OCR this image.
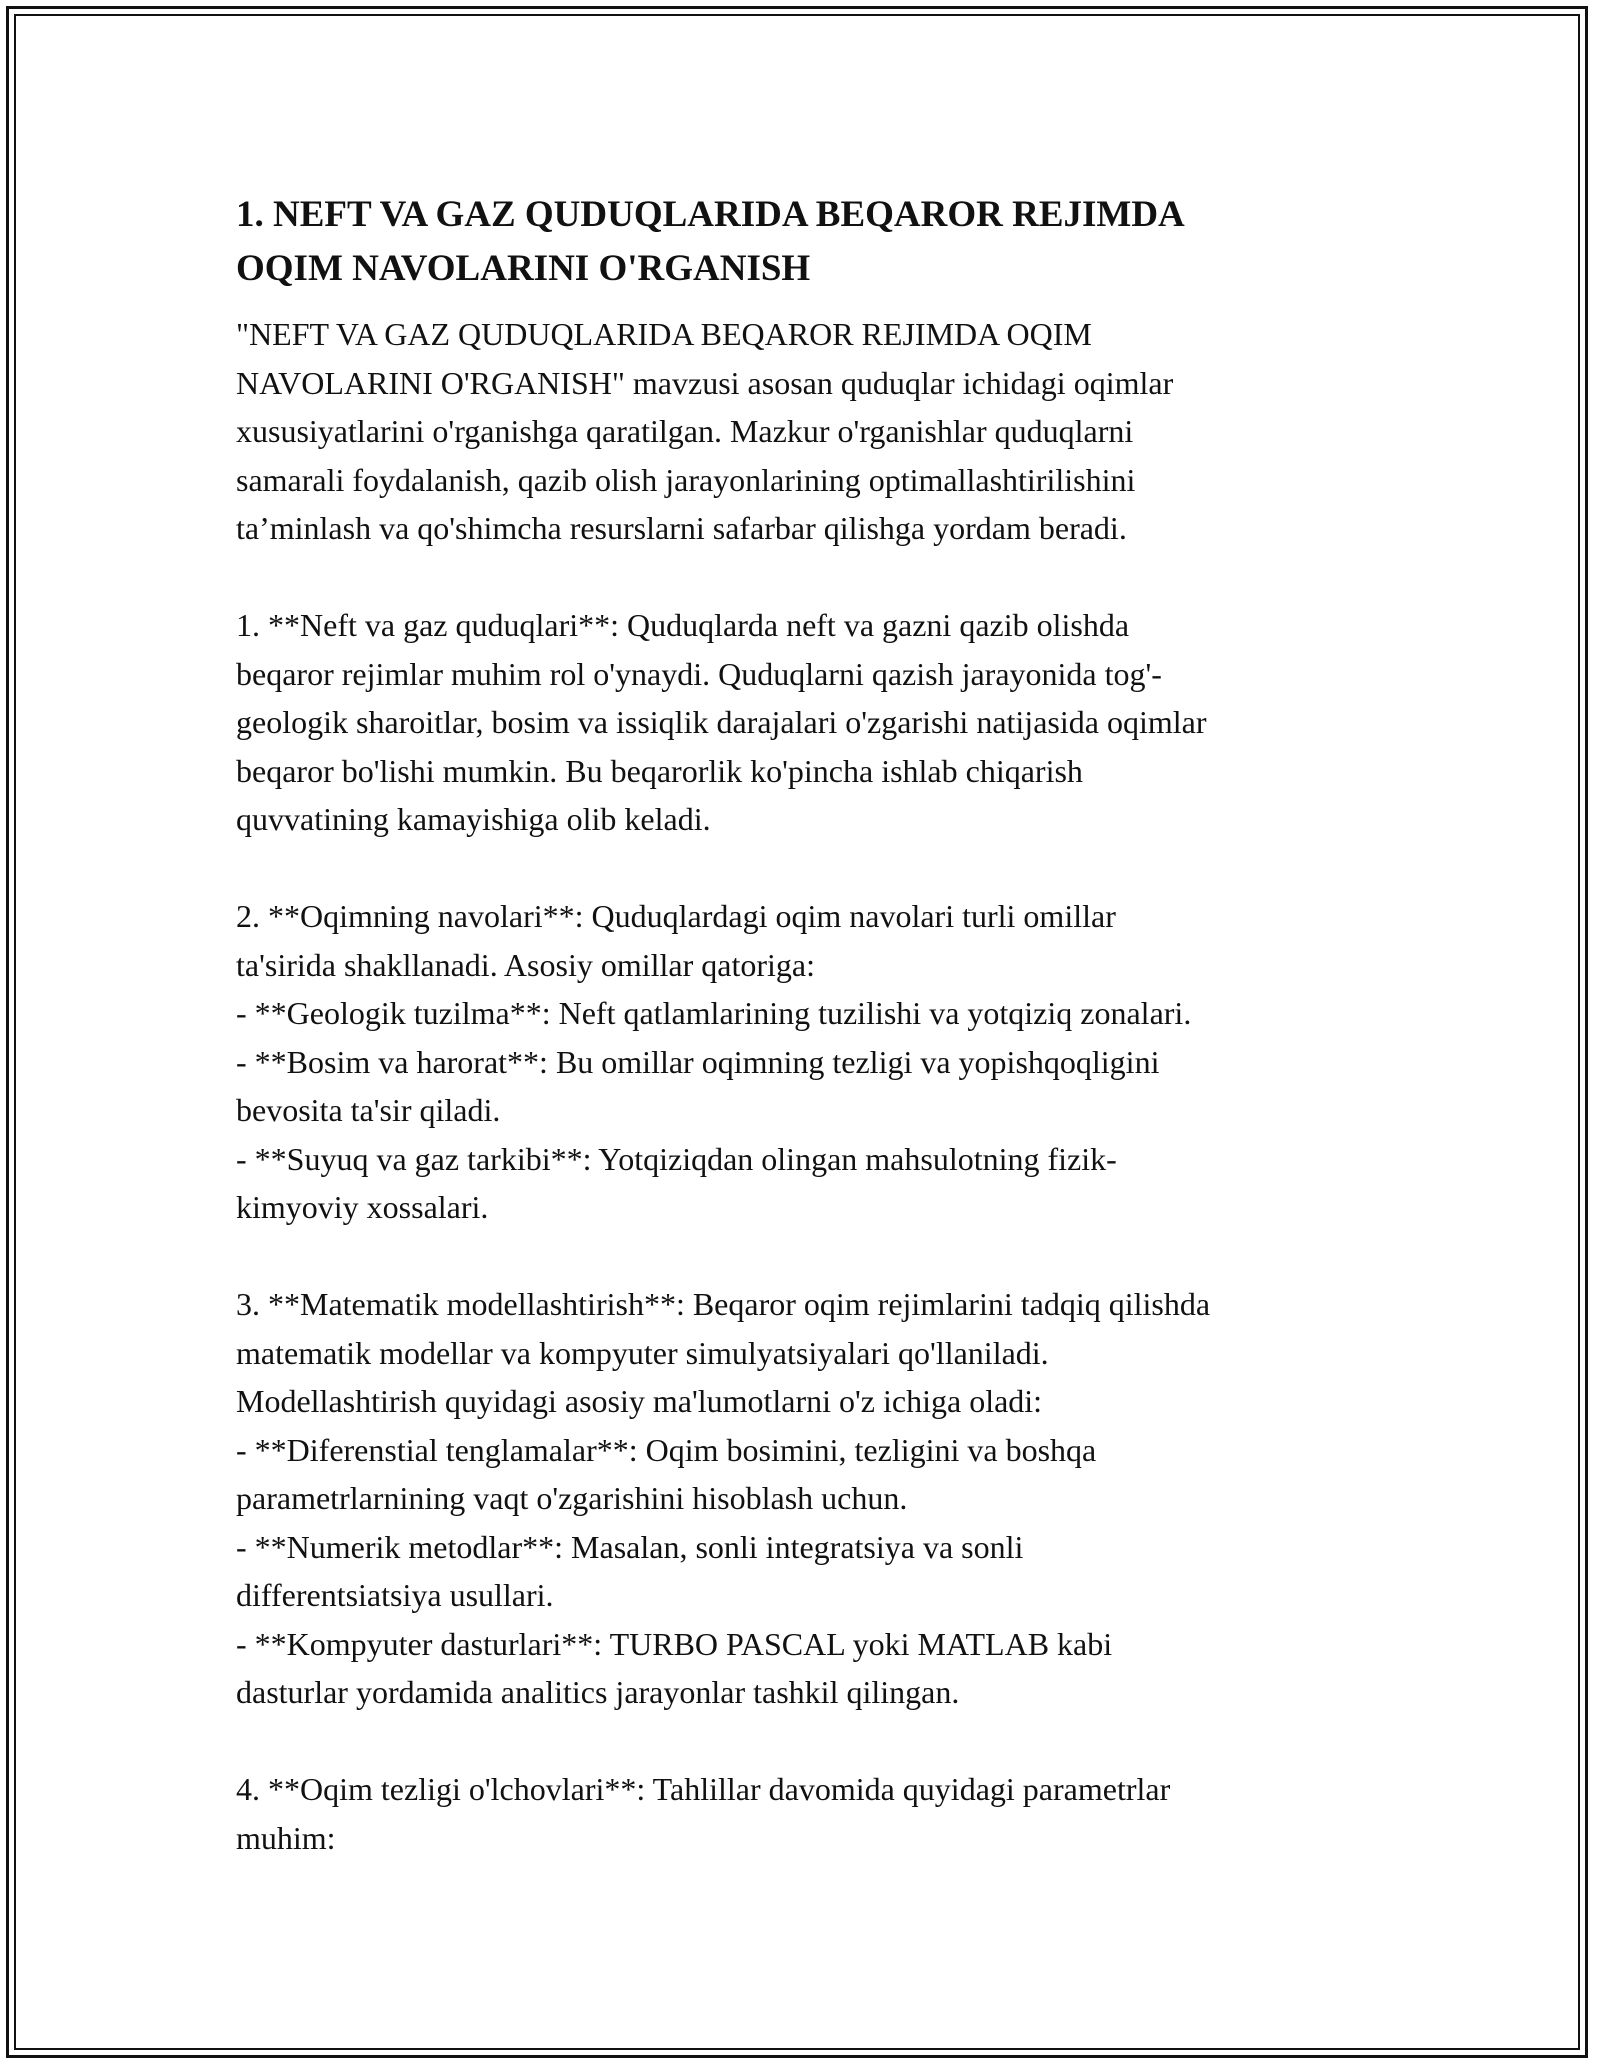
1. NEFT VA GAZ QUDUQLARIDA BEQAROR REJIMDA
OQIM NAVOLARINI O'RGANISH

"NEFT VA GAZ QUDUQLARIDA BEQAROR REJIMDA OQIM
NAVOLARINI O'RGANISH" mavzusi asosan quduqlar ichidagi oqimlar
xususiyatlarini o'rganishga qaratilgan. Mazkur o'rganishlar quduqlarni
samarali foydalanish, qazib olish jarayonlarining optimallashtirilishini
ta’minlash va qo'shimcha resurslarni safarbar qilishga yordam beradi.

1. **Neft va gaz quduqlari**: Quduqlarda neft va gazni qazib olishda
beqaror rejimlar muhim rol o'ynaydi. Quduqlarni qazish jarayonida tog'-
geologik sharoitlar, bosim va issiqlik darajalari o'zgarishi natijasida oqimlar
beqaror bo'lishi mumkin. Bu beqarorlik ko'pincha ishlab chiqarish
quvvatining kamayishiga olib keladi.

2. **Oqimning navolari**: Quduqlardagi oqim navolari turli omillar
ta'sirida shakllanadi. Asosiy omillar qatoriga:
- **Geologik tuzilma**: Neft qatlamlarining tuzilishi va yotqiziq zonalari.
- **Bosim va harorat**: Bu omillar oqimning tezligi va yopishqoqligini
bevosita ta'sir qiladi.
- **Suyuq va gaz tarkibi**: Yotqiziqdan olingan mahsulotning fizik-
kimyoviy xossalari.

3. **Matematik modellashtirish**: Beqaror oqim rejimlarini tadqiq qilishda
matematik modellar va kompyuter simulyatsiyalari qo'llaniladi.
Modellashtirish quyidagi asosiy ma'lumotlarni o'z ichiga oladi:
- **Diferenstial tenglamalar**: Oqim bosimini, tezligini va boshqa
parametrlarnining vaqt o'zgarishini hisoblash uchun.
- **Numerik metodlar**: Masalan, sonli integratsiya va sonli
differentsiatsiya usullari.
- **Kompyuter dasturlari**: TURBO PASCAL yoki MATLAB kabi
dasturlar yordamida analitics jarayonlar tashkil qilingan.

4. **Oqim tezligi o'lchovlari**: Tahlillar davomida quyidagi parametrlar
muhim:
